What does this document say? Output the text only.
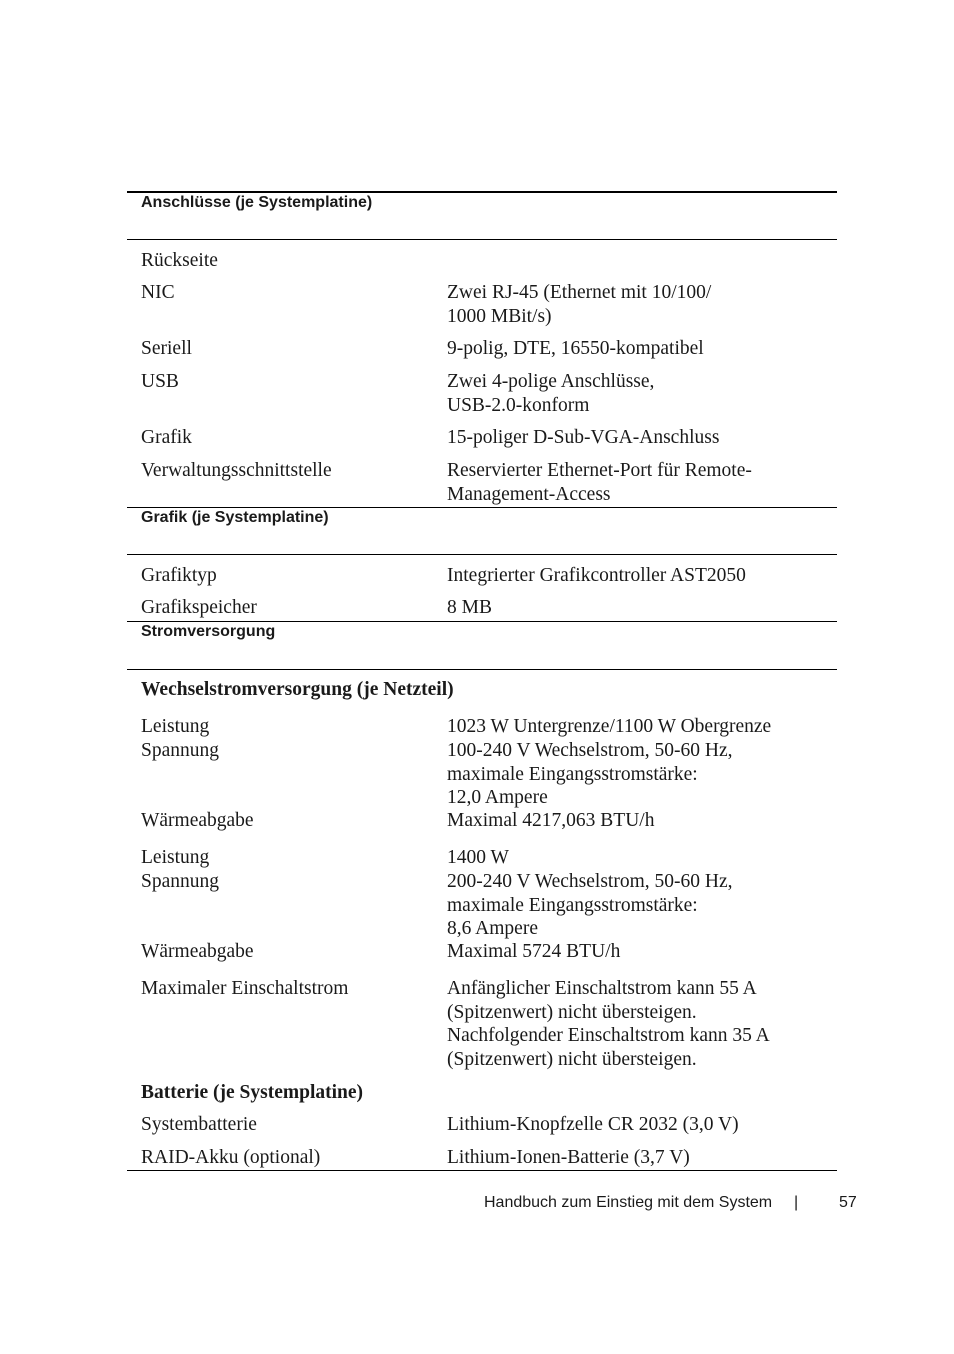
Anschlüsse (je Systemplatine)
Rückseite
NIC	Zwei RJ-45 (Ethernet mit 10/100/
1000 MBit/s)
Seriell	9-polig, DTE, 16550-kompatibel
USB	Zwei 4-polige Anschlüsse,
USB-2.0-konform
Grafik	15-poliger D-Sub-VGA-Anschluss
Verwaltungsschnittstelle	Reservierter Ethernet-Port für Remote-
Management-Access
Grafik (je Systemplatine)
Grafiktyp	Integrierter Grafikcontroller AST2050
Grafikspeicher	8 MB
Stromversorgung
Wechselstromversorgung (je Netzteil)
Leistung	1023 W Untergrenze/1100 W Obergrenze
Spannung	100-240 V Wechselstrom, 50-60 Hz,
maximale Eingangsstromstärke:
12,0 Ampere
Wärmeabgabe	Maximal 4217,063 BTU/h
Leistung	1400 W
Spannung	200-240 V Wechselstrom, 50-60 Hz,
maximale Eingangsstromstärke:
8,6 Ampere
Wärmeabgabe	Maximal 5724 BTU/h
Maximaler Einschaltstrom	Anfänglicher Einschaltstrom kann 55 A
(Spitzenwert) nicht übersteigen.
Nachfolgender Einschaltstrom kann 35 A
(Spitzenwert) nicht übersteigen.
Batterie (je Systemplatine)
Systembatterie	Lithium-Knopfzelle CR 2032 (3,0 V)
RAID-Akku (optional)	Lithium-Ionen-Batterie (3,7 V)
Handbuch zum Einstieg mit dem System |	57
